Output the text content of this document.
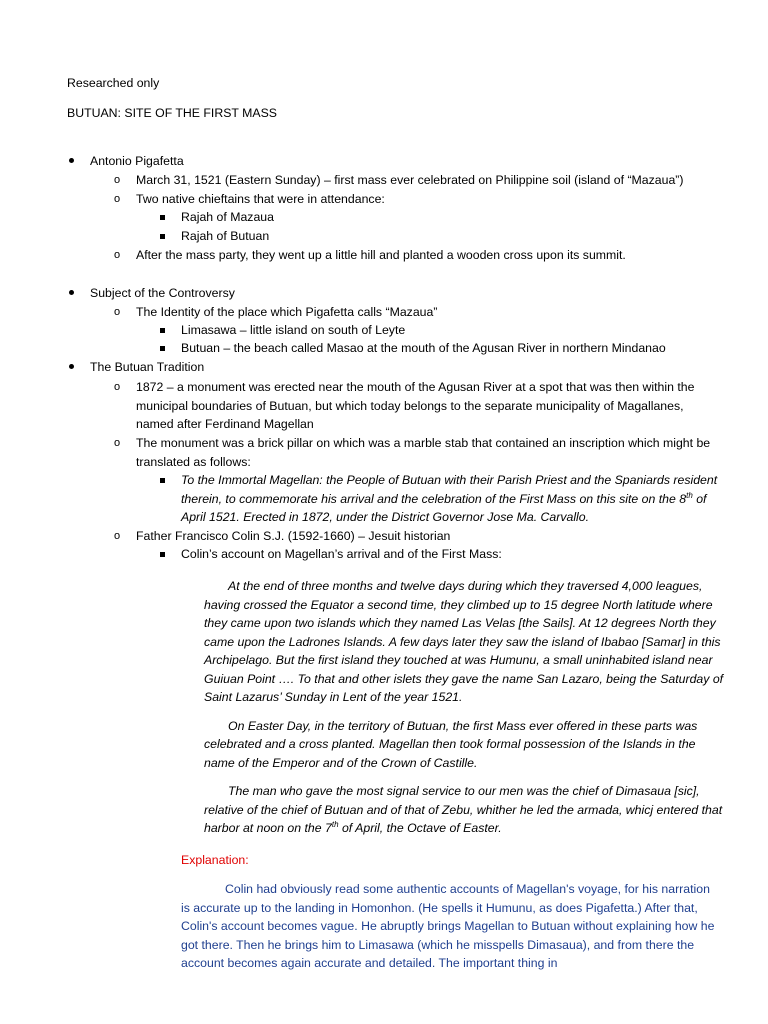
Researched only
BUTUAN: SITE OF THE FIRST MASS
Antonio Pigafetta
o March 31, 1521 (Eastern Sunday) – first mass ever celebrated on Philippine soil (island of “Mazaua”)
o Two native chieftains that were in attendance:
Rajah of Mazaua
Rajah of Butuan
o After the mass party, they went up a little hill and planted a wooden cross upon its summit.
Subject of the Controversy
o The Identity of the place which Pigafetta calls “Mazaua”
Limasawa – little island on south of Leyte
Butuan – the beach called Masao at the mouth of the Agusan River in northern Mindanao
The Butuan Tradition
o 1872 – a monument was erected near the mouth of the Agusan River at a spot that was then within the municipal boundaries of Butuan, but which today belongs to the separate municipality of Magallanes, named after Ferdinand Magellan
o The monument was a brick pillar on which was a marble stab that contained an inscription which might be translated as follows:
To the Immortal Magellan: the People of Butuan with their Parish Priest and the Spaniards resident therein, to commemorate his arrival and the celebration of the First Mass on this site on the 8th of April 1521. Erected in 1872, under the District Governor Jose Ma. Carvallo.
o Father Francisco Colin S.J. (1592-1660) – Jesuit historian
Colin’s account on Magellan’s arrival and of the First Mass:

At the end of three months and twelve days during which they traversed 4,000 leagues, having crossed the Equator a second time, they climbed up to 15 degree North latitude where they came upon two islands which they named Las Velas [the Sails]. At 12 degrees North they came upon the Ladrones Islands. A few days later they saw the island of Ibabao [Samar] in this Archipelago. But the first island they touched at was Humunu, a small uninhabited island near Guiuan Point …. To that and other islets they gave the name San Lazaro, being the Saturday of Saint Lazarus’ Sunday in Lent of the year 1521.

On Easter Day, in the territory of Butuan, the first Mass ever offered in these parts was celebrated and a cross planted. Magellan then took formal possession of the Islands in the name of the Emperor and of the Crown of Castille.

The man who gave the most signal service to our men was the chief of Dimasaua [sic], relative of the chief of Butuan and of that of Zebu, whither he led the armada, whicj entered that harbor at noon on the 7th of April, the Octave of Easter.

Explanation:

Colin had obviously read some authentic accounts of Magellan's voyage, for his narration is accurate up to the landing in Homonhon. (He spells it Humunu, as does Pigafetta.) After that, Colin's account becomes vague. He abruptly brings Magellan to Butuan without explaining how he got there. Then he brings him to Limasawa (which he misspells Dimasaua), and from there the account becomes again accurate and detailed. The important thing in
